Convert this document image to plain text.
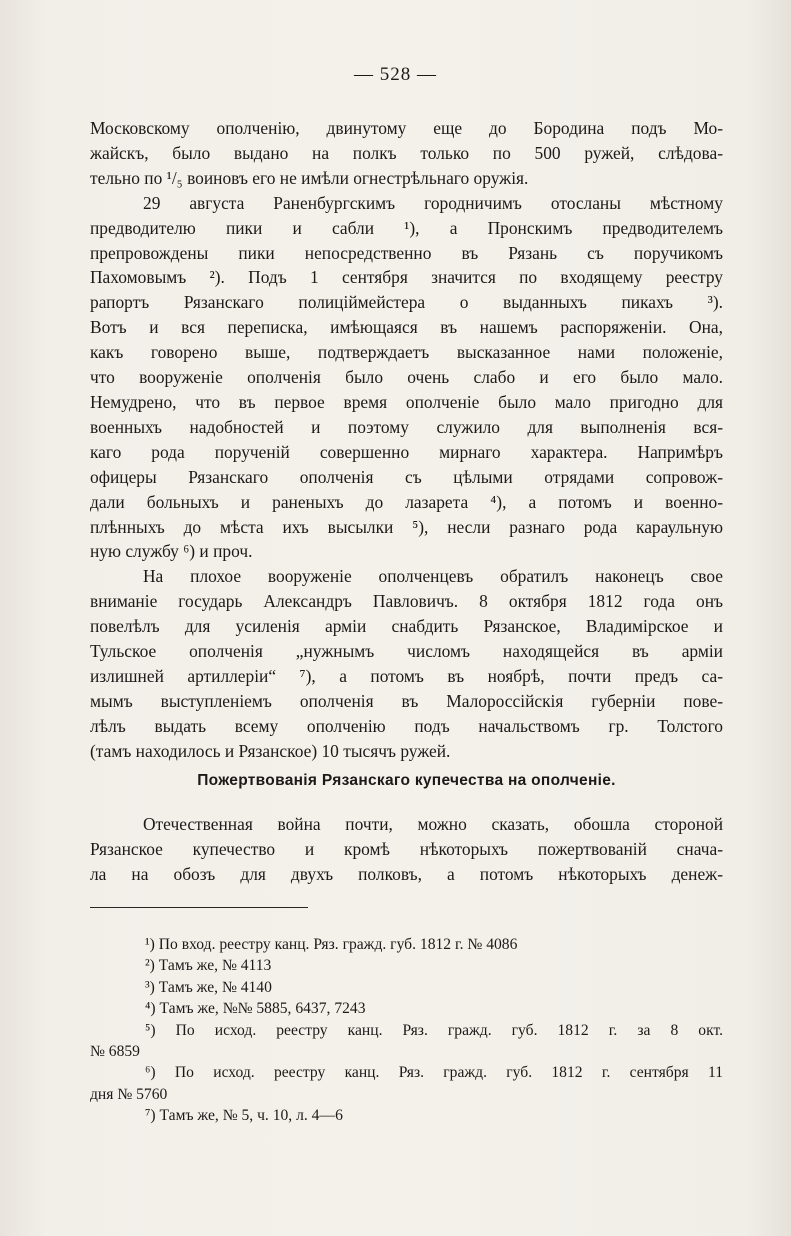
— 528 —

Московскому ополченію, двинутому еще до Бородина подъ Мо-
жайскъ, было выдано на полкъ только по 500 ружей, слѣдова-
тельно по ¹/₅ воиновъ его не имѣли огнестрѣльнаго оружія.

29 августа Раненбургскимъ городничимъ отосланы мѣстному
предводителю пики и сабли ¹), а Пронскимъ предводителемъ
препровождены пики непосредственно въ Рязань съ поручикомъ
Пахомовымъ ²). Подъ 1 сентября значится по входящему реестру
рапортъ Рязанскаго полицiймейстера о выданныхъ пикахъ ³).
Вотъ и вся переписка, имѣющаяся въ нашемъ распоряженіи. Она,
какъ говорено выше, подтверждаетъ высказанное нами положеніе,
что вооруженіе ополченія было очень слабо и его было мало.
Немудрено, что въ первое время ополченіе было мало пригодно для
военныхъ надобностей и поэтому служило для выполненія вся-
каго рода порученій совершенно мирнаго характера. Напримѣръ
офицеры Рязанскаго ополченія съ цѣлыми отрядами сопровож-
дали больныхъ и раненыхъ до лазарета ⁴), а потомъ и военно-
плѣнныхъ до мѣста ихъ высылки ⁵), несли разнаго рода караульную
ную службу ⁶) и проч.

На плохое вооруженіе ополченцевъ обратилъ наконецъ свое
вниманіе государь Александръ Павловичъ. 8 октября 1812 года онъ
повелѣлъ для усиленія арміи снабдить Рязанское, Владимірское и
Тульское ополченія „нужнымъ числомъ находящейся въ арміи
излишней артиллеріи“ ⁷), а потомъ въ ноябрѣ, почти предъ са-
мымъ выступленіемъ ополченія въ Малороссійскія губерніи пове-
лѣлъ выдать всему ополченію подъ начальствомъ гр. Толстого
(тамъ находилось и Рязанское) 10 тысячъ ружей.

Пожертвованія Рязанскаго купечества на ополченіе.
Отечественная война почти, можно сказать, обошла стороной
Рязанское купечество и кромѣ нѣкоторыхъ пожертвованій снача-
ла на обозъ для двухъ полковъ, а потомъ нѣкоторыхъ денеж-
¹) По вход. реестру канц. Ряз. гражд. губ. 1812 г. № 4086
²) Тамъ же, № 4113
³) Тамъ же, № 4140
⁴) Тамъ же, №№ 5885, 6437, 7243
⁵) По исход. реестру канц. Ряз. гражд. губ. 1812 г. за 8 окт.
№ 6859
⁶) По исход. реестру канц. Ряз. гражд. губ. 1812 г. сентября 11
дня № 5760
⁷) Тамъ же, № 5, ч. 10, л. 4—6
